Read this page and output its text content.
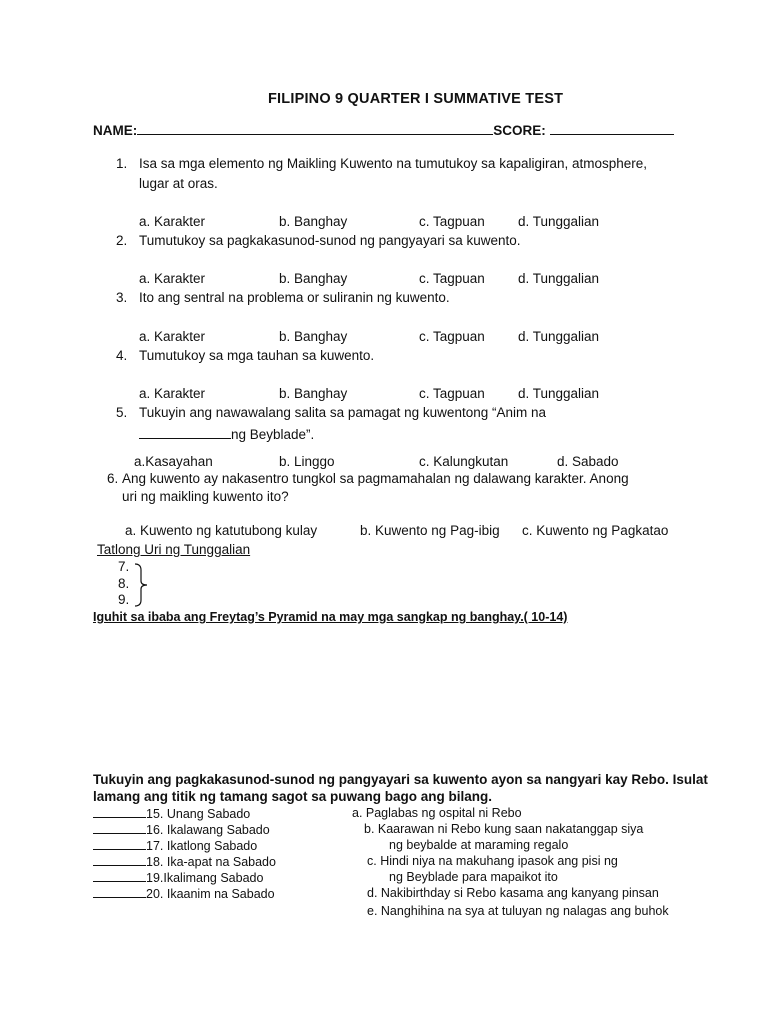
FILIPINO 9 QUARTER I SUMMATIVE TEST
NAME:	SCORE:
1. Isa sa mga elemento ng Maikling Kuwento na tumutukoy sa kapaligiran, atmosphere,
lugar at oras.
a. Karakter	b. Banghay	c. Tagpuan d. Tunggalian
2. Tumutukoy sa pagkakasunod-sunod ng pangyayari sa kuwento.
a. Karakter	b. Banghay	c. Tagpuan d. Tunggalian
3. Ito ang sentral na problema or suliranin ng kuwento.
a. Karakter	b. Banghay	c. Tagpuan d. Tunggalian
4. Tumutukoy sa mga tauhan sa kuwento.
a. Karakter	b. Banghay	c. Tagpuan d. Tunggalian
5. Tukuyin ang nawawalang salita sa pamagat ng kuwentong “Anim na
ng Beyblade”.
a.Kasayahan	b. Linggo	c. Kalungkutan	d. Sabado
6. Ang kuwento ay nakasentro tungkol sa pagmamahalan ng dalawang karakter. Anong
uri ng maikling kuwento ito?
a. Kuwento ng katutubong kulay	b. Kuwento ng Pag-ibig c. Kuwento ng Pagkatao
Tatlong Uri ng Tunggalian
7.
8.
9.
Iguhit sa ibaba ang Freytag’s Pyramid na may mga sangkap ng banghay.( 10-14)
Tukuyin ang pagkakasunod-sunod ng pangyayari sa kuwento ayon sa nangyari kay Rebo. Isulat
lamang ang titik ng tamang sagot sa puwang bago ang bilang.
15. Unang Sabado
16. Ikalawang Sabado
17. Ikatlong Sabado
18. Ika-apat na Sabado
19.Ikalimang Sabado
20. Ikaanim na Sabado
a. Paglabas ng ospital ni Rebo
b. Kaarawan ni Rebo kung saan nakatanggap siya
ng beybalde at maraming regalo
c. Hindi niya na makuhang ipasok ang pisi ng
ng Beyblade para mapaikot ito
d. Nakibirthday si Rebo kasama ang kanyang pinsan
e. Nanghihina na sya at tuluyan ng nalagas ang buhok
